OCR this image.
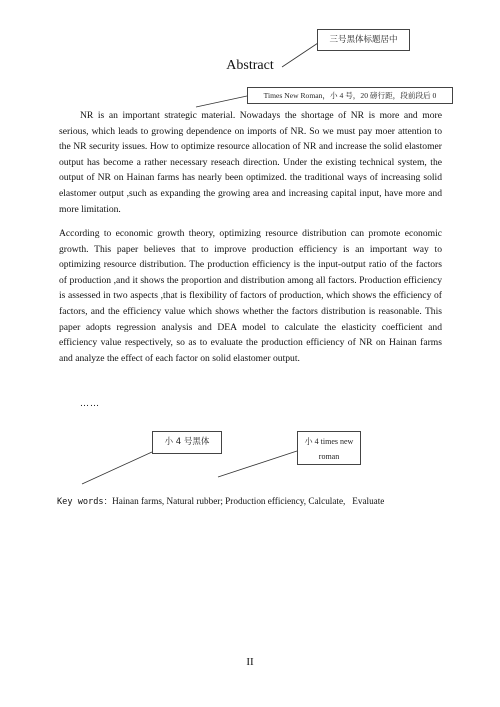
三号黑体标题居中
Abstract
Times New Roman，小 4 号，20 磅行距，段前段后 0

NR is an important strategic material. Nowadays the shortage of NR is more and more serious, which leads to growing dependence on imports of NR. So we must pay moer attention to the NR security issues. How to optimize resource allocation of NR and increase the solid elastomer output has become a rather necessary reseach direction. Under the existing technical system, the output of NR on Hainan farms has nearly been optimized. the traditional ways of increasing solid elastomer output ,such as expanding the growing area and increasing capital input, have more and more limitation.

According to economic growth theory, optimizing resource distribution can promote economic growth. This paper believes that to improve production efficiency is an important way to optimizing resource distribution. The production efficiency is the input-output ratio of the factors of production ,and it shows the proportion and distribution among all factors. Production efficiency is assessed in two aspects ,that is flexibility of factors of production, which shows the efficiency of factors, and the efficiency value which shows whether the factors distribution is reasonable. This paper adopts regression analysis and DEA model to calculate the elasticity coefficient and efficiency value respectively, so as to evaluate the production efficiency of NR on Hainan farms and analyze the effect of each factor on solid elastomer output.

……
小 4 号黑体	小 4 times new roman
Key words：Hainan farms, Natural rubber; Production efficiency, Calculate,   Evaluate
II
